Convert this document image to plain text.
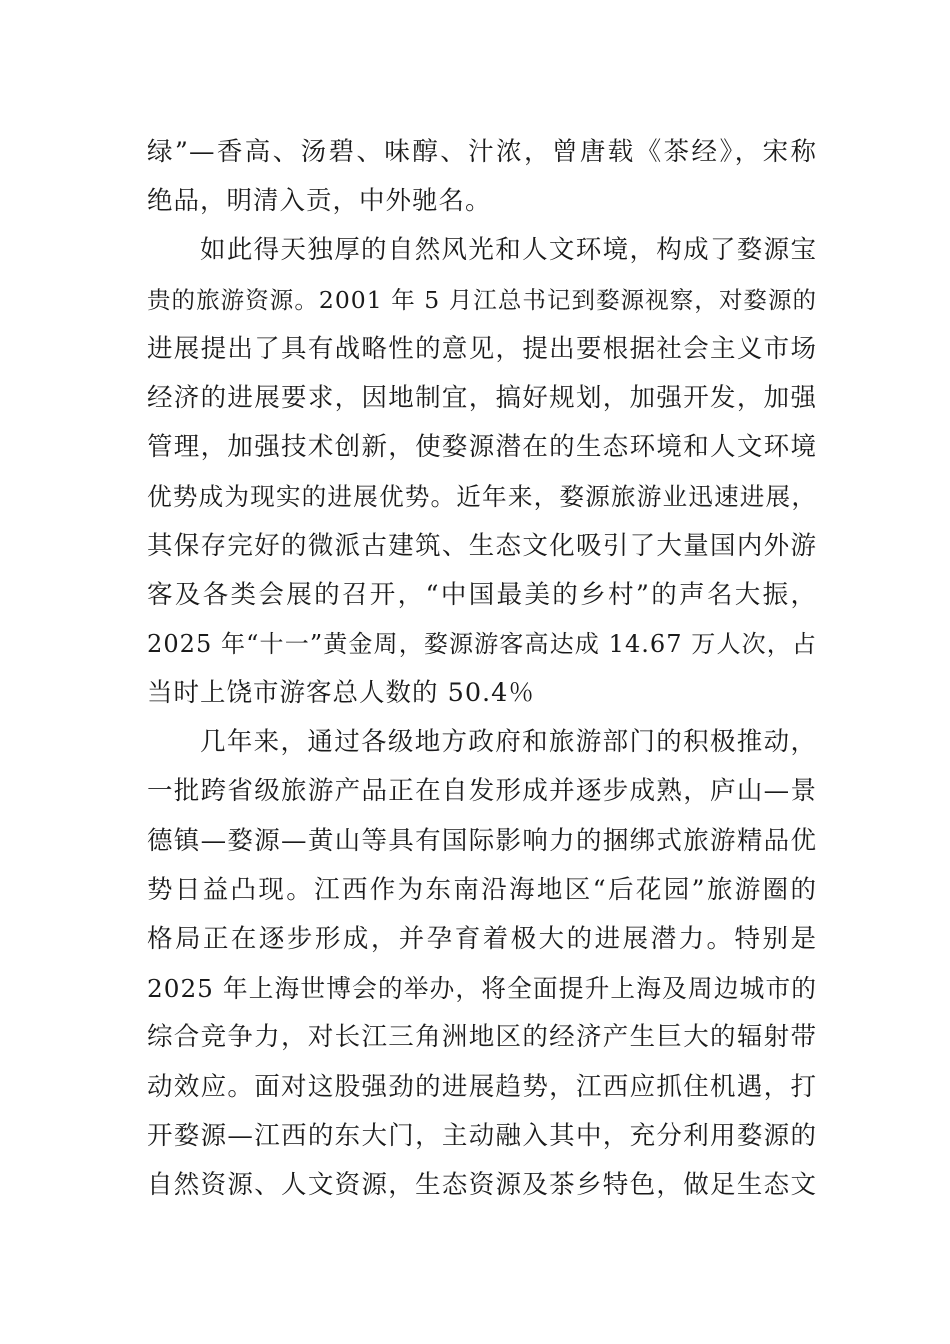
绿”—香高、汤碧、味醇、汁浓，曾唐载《茶经》，宋称
绝品，明清入贡，中外驰名。
如此得天独厚的自然风光和人文环境，构成了婺源宝
贵的旅游资源。2001 年 5 月江总书记到婺源视察，对婺源的
进展提出了具有战略性的意见，提出要根据社会主义市场
经济的进展要求，因地制宜，搞好规划，加强开发，加强
管理，加强技术创新，使婺源潜在的生态环境和人文环境
优势成为现实的进展优势。近年来，婺源旅游业迅速进展，
其保存完好的微派古建筑、生态文化吸引了大量国内外游
客及各类会展的召开，“中国最美的乡村”的声名大振，
2025 年“十一”黄金周，婺源游客高达成 14.67 万人次，占
当时上饶市游客总人数的 50.4％
几年来，通过各级地方政府和旅游部门的积极推动，
一批跨省级旅游产品正在自发形成并逐步成熟，庐山—景
德镇—婺源—黄山等具有国际影响力的捆绑式旅游精品优
势日益凸现。江西作为东南沿海地区“后花园”旅游圈的
格局正在逐步形成，并孕育着极大的进展潜力。特别是
2025 年上海世博会的举办，将全面提升上海及周边城市的
综合竞争力，对长江三角洲地区的经济产生巨大的辐射带
动效应。面对这股强劲的进展趋势，江西应抓住机遇，打
开婺源—江西的东大门，主动融入其中，充分利用婺源的
自然资源、人文资源，生态资源及茶乡特色，做足生态文
